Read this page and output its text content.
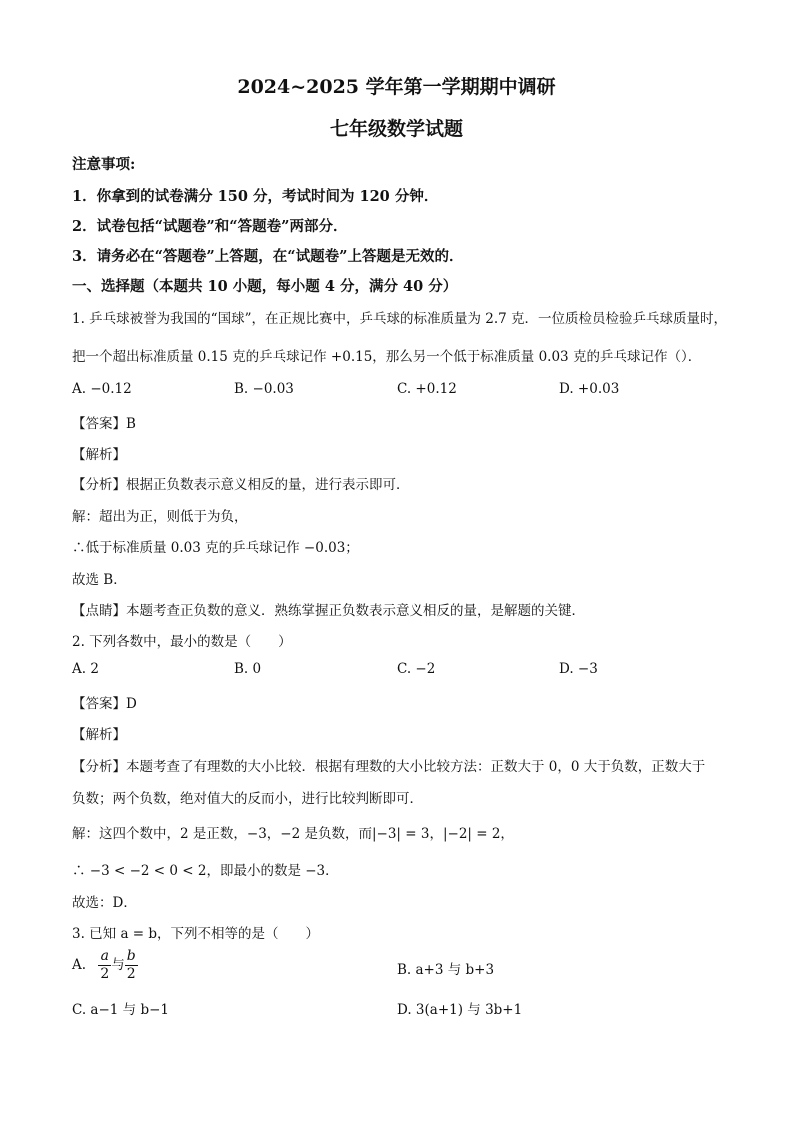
2024~2025 学年第一学期期中调研
七年级数学试题
注意事项:
1．你拿到的试卷满分 150 分，考试时间为 120 分钟．
2．试卷包括“试题卷”和“答题卷”两部分．
3．请务必在“答题卷”上答题，在“试题卷”上答题是无效的．
一、选择题（本题共 10 小题，每小题 4 分，满分 40 分）
1. 乒乓球被誉为我国的“国球”，在正规比赛中，乒乓球的标准质量为 2.7 克．一位质检员检验乒乓球质量时，
把一个超出标准质量 0.15 克的乒乓球记作 +0.15，那么另一个低于标准质量 0.03 克的乒乓球记作（）．
A. −0.12	B. −0.03	C. +0.12	D. +0.03
【答案】B
【解析】
【分析】根据正负数表示意义相反的量，进行表示即可．
解：超出为正，则低于为负，
∴低于标准质量 0.03 克的乒乓球记作 −0.03；
故选 B．
【点睛】本题考查正负数的意义．熟练掌握正负数表示意义相反的量，是解题的关键．
2. 下列各数中，最小的数是（　　）
A. 2	B. 0	C. −2	D. −3
【答案】D
【解析】
【分析】本题考查了有理数的大小比较．根据有理数的大小比较方法：正数大于 0，0 大于负数，正数大于
负数；两个负数，绝对值大的反而小，进行比较判断即可．
解：这四个数中，2 是正数，−3，−2 是负数，而|−3| = 3，|−2| = 2，
∴ −3 < −2 < 0 < 2，即最小的数是 −3．
故选：D．
3. 已知 a = b，下列不相等的是（　　）
A. $\frac{a}{2}$ 与 $\frac{b}{2}$	B. a+3 与 b+3
C. a−1 与 b−1	D. 3(a+1) 与 3b+1
